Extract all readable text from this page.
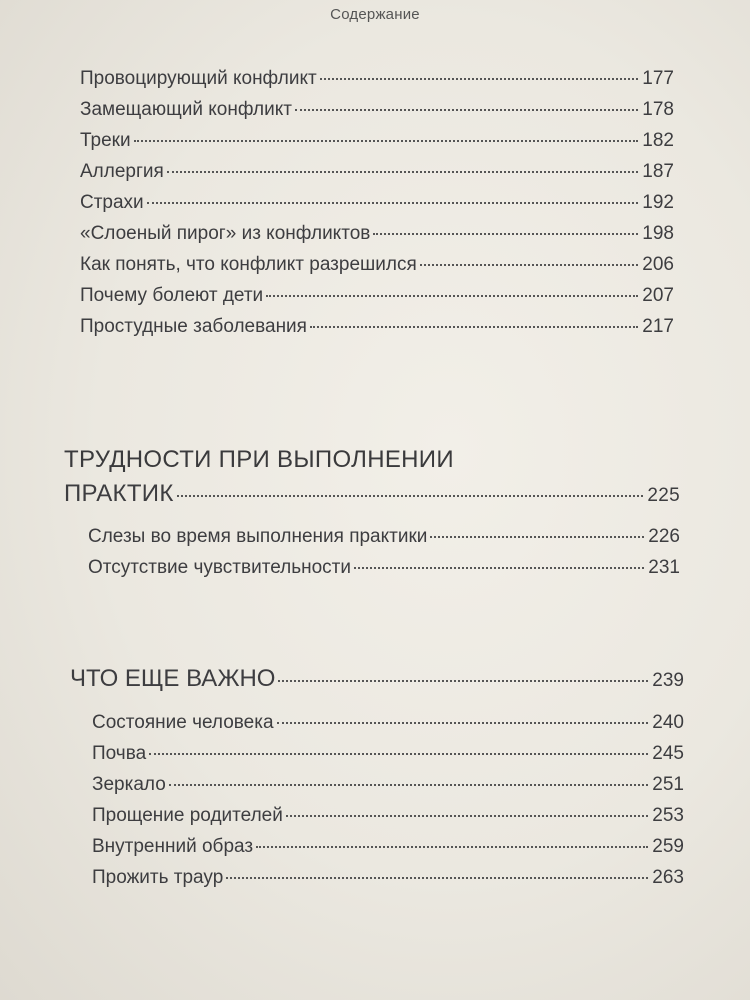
Содержание
Провоцирующий конфликт	177
Замещающий конфликт	178
Треки	182
Аллергия	187
Страхи	192
«Слоеный пирог» из конфликтов	198
Как понять, что конфликт разрешился	206
Почему болеют дети	207
Простудные заболевания	217
ТРУДНОСТИ ПРИ ВЫПОЛНЕНИИ
ПРАКТИК	225
Слезы во время выполнения практики	226
Отсутствие чувствительности	231
ЧТО ЕЩЕ ВАЖНО	239
Состояние человека	240
Почва	245
Зеркало	251
Прощение родителей	253
Внутренний образ	259
Прожить траур	263
